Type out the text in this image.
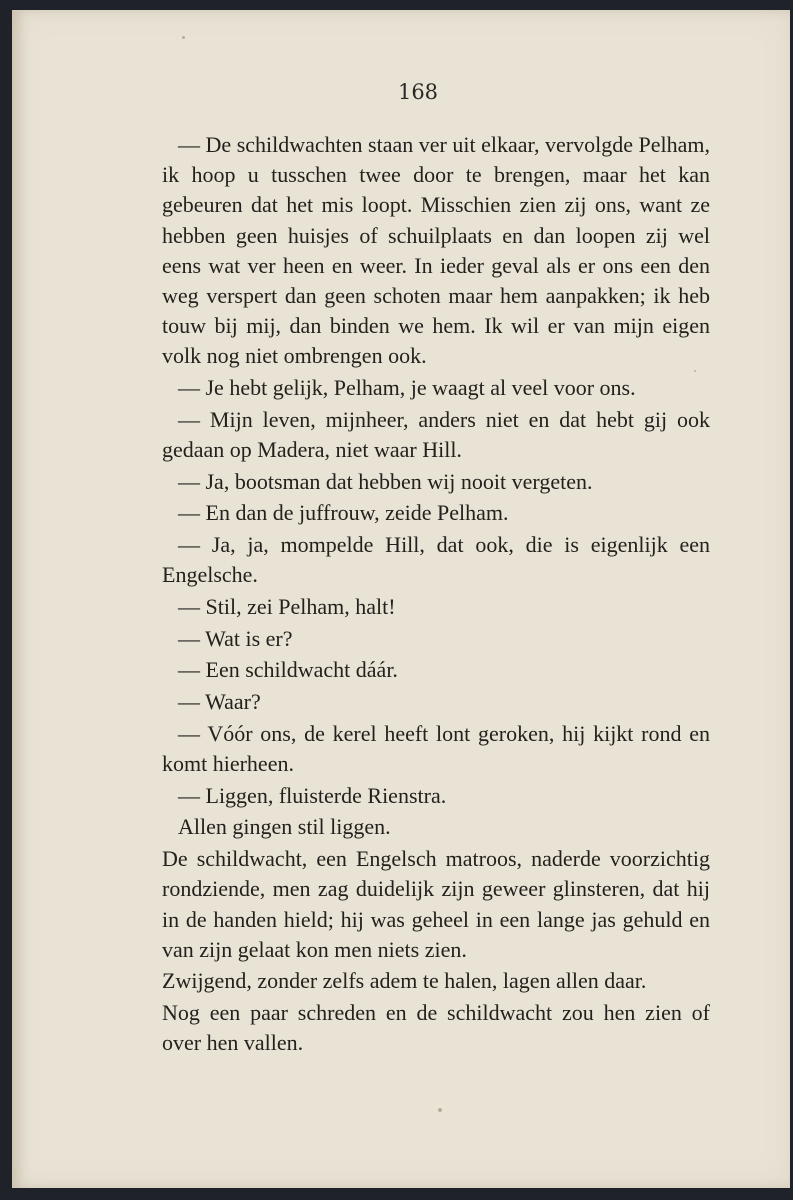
168

— De schildwachten staan ver uit elkaar, vervolgde Pelham, ik hoop u tusschen twee door te brengen, maar het kan gebeuren dat het mis loopt. Misschien zien zij ons, want ze hebben geen huisjes of schuilplaats en dan loopen zij wel eens wat ver heen en weer. In ieder geval als er ons een den weg verspert dan geen schoten maar hem aanpakken; ik heb touw bij mij, dan binden we hem. Ik wil er van mijn eigen volk nog niet ombrengen ook.

— Je hebt gelijk, Pelham, je waagt al veel voor ons.

— Mijn leven, mijnheer, anders niet en dat hebt gij ook gedaan op Madera, niet waar Hill.

— Ja, bootsman dat hebben wij nooit vergeten.

— En dan de juffrouw, zeide Pelham.

— Ja, ja, mompelde Hill, dat ook, die is eigenlijk een Engelsche.

— Stil, zei Pelham, halt!

— Wat is er?

— Een schildwacht dáár.

— Waar?

— Vóór ons, de kerel heeft lont geroken, hij kijkt rond en komt hierheen.

— Liggen, fluisterde Rienstra.

Allen gingen stil liggen.

De schildwacht, een Engelsch matroos, naderde voorzichtig rondziende, men zag duidelijk zijn geweer glinsteren, dat hij in de handen hield; hij was geheel in een lange jas gehuld en van zijn gelaat kon men niets zien.

Zwijgend, zonder zelfs adem te halen, lagen allen daar.

Nog een paar schreden en de schildwacht zou hen zien of over hen vallen.
